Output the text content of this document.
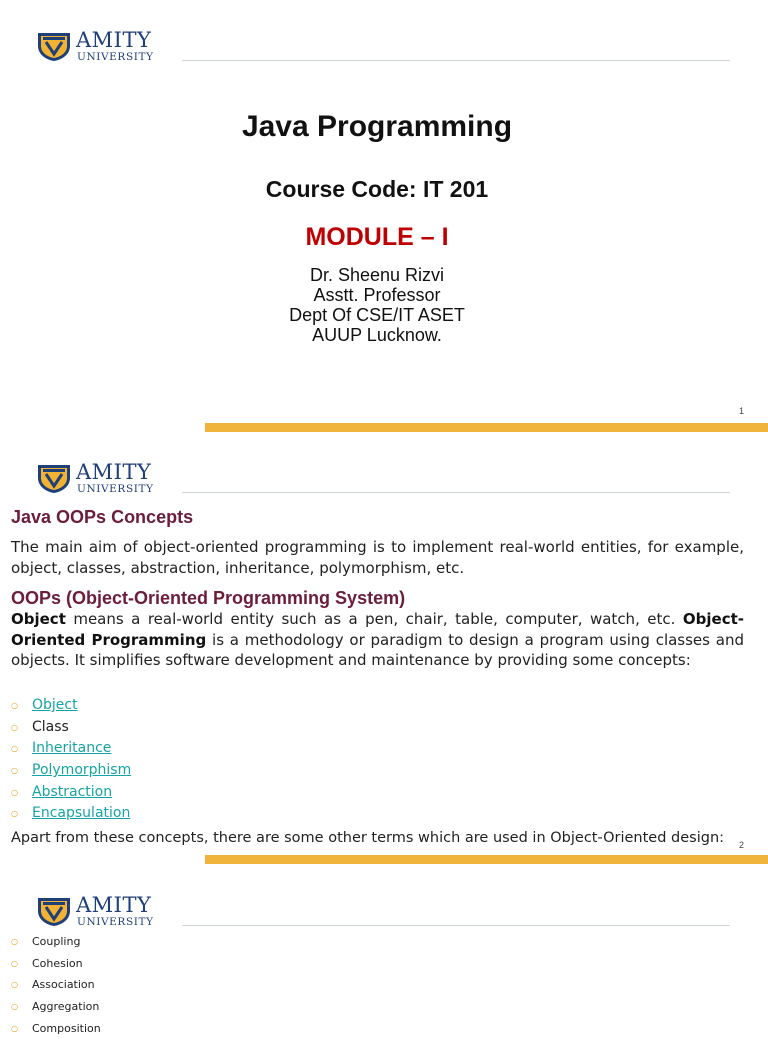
AMITY
UNIVERSITY
Java Programming
Course Code: IT 201
MODULE – I
Dr. Sheenu Rizvi
Asstt. Professor
Dept Of CSE/IT ASET
AUUP Lucknow.
1
AMITY
UNIVERSITY
Java OOPs Concepts
The main aim of object-oriented programming is to implement real-world entities, for example, object, classes, abstraction, inheritance, polymorphism, etc.
OOPs (Object-Oriented Programming System)
Object means a real-world entity such as a pen, chair, table, computer, watch, etc. Object-Oriented Programming is a methodology or paradigm to design a program using classes and objects. It simplifies software development and maintenance by providing some concepts:
○ Object
○ Class
○ Inheritance
○ Polymorphism
○ Abstraction
○ Encapsulation
Apart from these concepts, there are some other terms which are used in Object-Oriented design:	2
AMITY
UNIVERSITY
○ Coupling
○ Cohesion
○ Association
○ Aggregation
○ Composition
